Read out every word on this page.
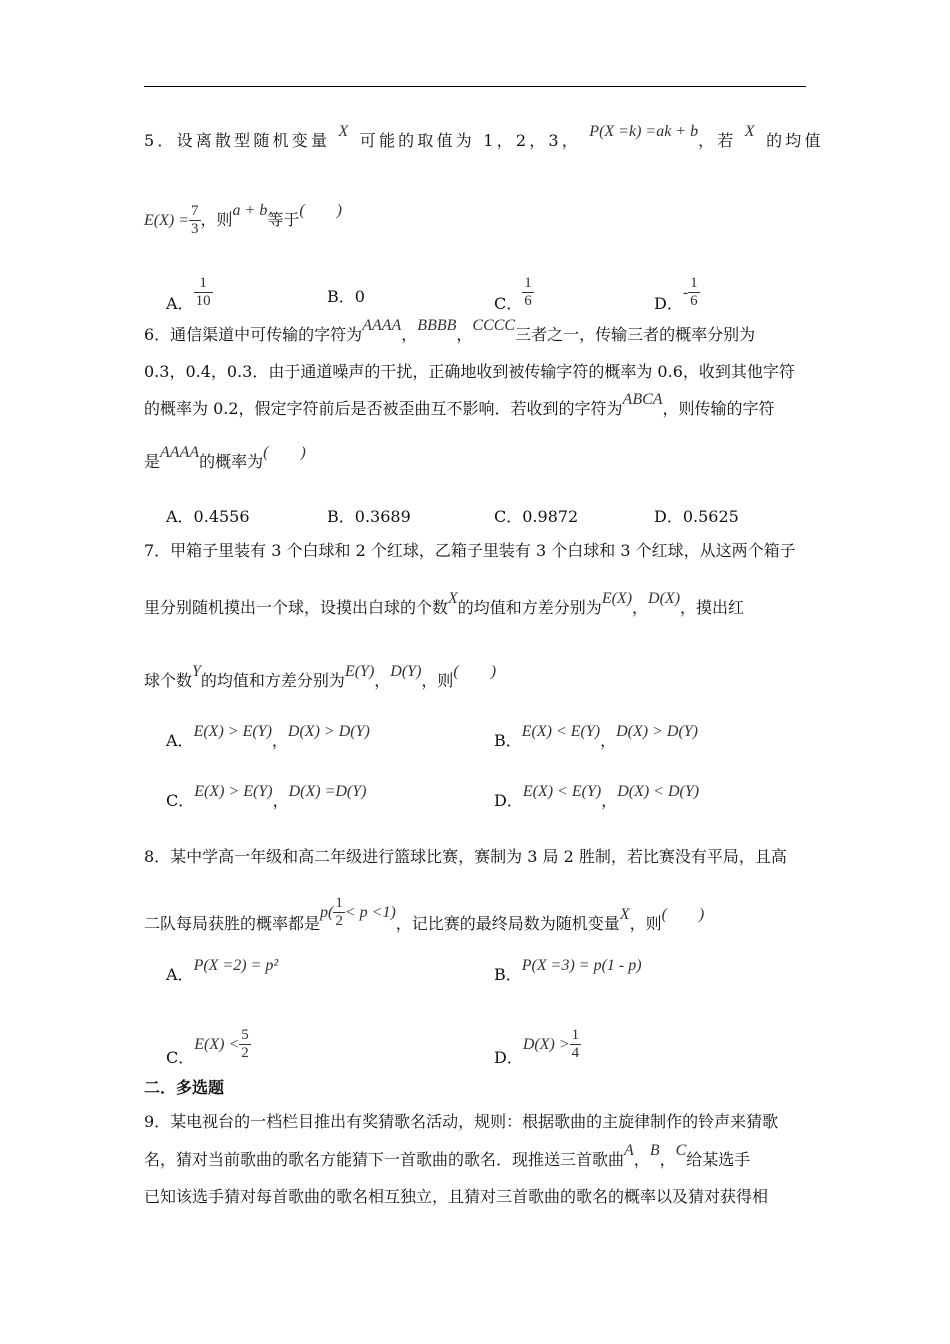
5．设离散型随机变量 X 可能的取值为 1，2，3， P(X =k) =ak + b，若 X 的均值
$E(X) = \frac{7}{3}$ ，则a + b等于(　　)
A． $\frac{1}{10}$	B．0	C． $\frac{1}{6}$	D．- $\frac{1}{6}$
6．通信渠道中可传输的字符为AAAA，BBBB，CCCC三者之一，传输三者的概率分别为
0.3，0.4，0.3．由于通道噪声的干扰，正确地收到被传输字符的概率为 0.6，收到其他字符
的概率为 0.2，假定字符前后是否被歪曲互不影响．若收到的字符为ABCA，则传输的字符
是AAAA的概率为(　　)
A．0.4556	B．0.3689	C．0.9872	D．0.5625
7．甲箱子里装有 3 个白球和 2 个红球，乙箱子里装有 3 个白球和 3 个红球，从这两个箱子
里分别随机摸出一个球，设摸出白球的个数X的均值和方差分别为E(X)，D(X)，摸出红
球个数Y的均值和方差分别为E(Y)，D(Y)，则(　　)
A．E(X) > E(Y)，D(X) > D(Y)	B．E(X) < E(Y)，D(X) > D(Y)
C．E(X) > E(Y)，D(X) =D(Y)	D．E(X) < E(Y)，D(X) < D(Y)
8．某中学高一年级和高二年级进行篮球比赛，赛制为 3 局 2 胜制，若比赛没有平局，且高
二队每局获胜的概率都是$p( \frac{1}{2} < p <1)$，记比赛的最终局数为随机变量X，则(　　)
A．P(X =2) = p²	B．P(X =3) = p(1 - p)
C．$E(X) < \frac{5}{2}$	D．$D(X) > \frac{1}{4}$
二．多选题
9．某电视台的一档栏目推出有奖猜歌名活动，规则：根据歌曲的主旋律制作的铃声来猜歌
名，猜对当前歌曲的歌名方能猜下一首歌曲的歌名．现推送三首歌曲A，B，C给某选手
已知该选手猜对每首歌曲的歌名相互独立，且猜对三首歌曲的歌名的概率以及猜对获得相
